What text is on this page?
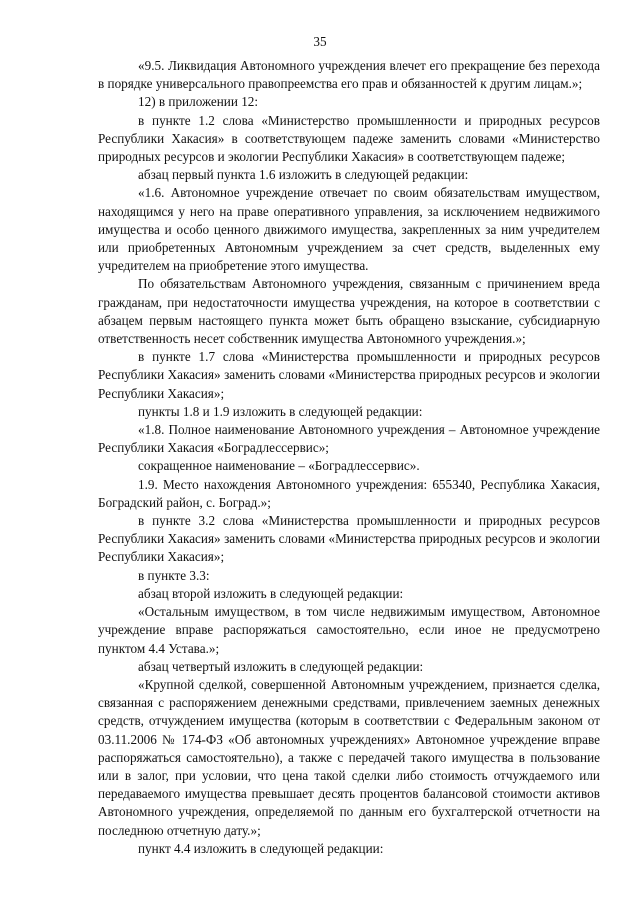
35

«9.5. Ликвидация Автономного учреждения влечет его прекращение без перехода в порядке универсального правопреемства его прав и обязанностей к другим лицам.»;

12) в приложении 12:

в пункте 1.2 слова «Министерство промышленности и природных ресурсов Республики Хакасия» в соответствующем падеже заменить словами «Министерство природных ресурсов и экологии Республики Хакасия» в соответствующем падеже;

абзац первый пункта 1.6 изложить в следующей редакции:

«1.6. Автономное учреждение отвечает по своим обязательствам имуществом, находящимся у него на праве оперативного управления, за исключением недвижимого имущества и особо ценного движимого имущества, закрепленных за ним учредителем или приобретенных Автономным учреждением за счет средств, выделенных ему учредителем на приобретение этого имущества.

По обязательствам Автономного учреждения, связанным с причинением вреда гражданам, при недостаточности имущества учреждения, на которое в соответствии с абзацем первым настоящего пункта может быть обращено взыскание, субсидиарную ответственность несет собственник имущества Автономного учреждения.»;

в пункте 1.7 слова «Министерства промышленности и природных ресурсов Республики Хакасия» заменить словами «Министерства природных ресурсов и экологии Республики Хакасия»;

пункты 1.8 и 1.9 изложить в следующей редакции:

«1.8. Полное наименование Автономного учреждения – Автономное учреждение Республики Хакасия «Боградлессервис»;

сокращенное наименование – «Боградлессервис».

1.9. Место нахождения Автономного учреждения: 655340, Республика Хакасия, Боградский район, с. Боград.»;

в пункте 3.2 слова «Министерства промышленности и природных ресурсов Республики Хакасия» заменить словами «Министерства природных ресурсов и экологии Республики Хакасия»;

в пункте 3.3:

абзац второй изложить в следующей редакции:

«Остальным имуществом, в том числе недвижимым имуществом, Автономное учреждение вправе распоряжаться самостоятельно, если иное не предусмотрено пунктом 4.4 Устава.»;

абзац четвертый изложить в следующей редакции:

«Крупной сделкой, совершенной Автономным учреждением, признается сделка, связанная с распоряжением денежными средствами, привлечением заемных денежных средств, отчуждением имущества (которым в соответствии с Федеральным законом от 03.11.2006 № 174-ФЗ «Об автономных учреждениях» Автономное учреждение вправе распоряжаться самостоятельно), а также с передачей такого имущества в пользование или в залог, при условии, что цена такой сделки либо стоимость отчуждаемого или передаваемого имущества превышает десять процентов балансовой стоимости активов Автономного учреждения, определяемой по данным его бухгалтерской отчетности на последнюю отчетную дату.»;

пункт 4.4 изложить в следующей редакции:
